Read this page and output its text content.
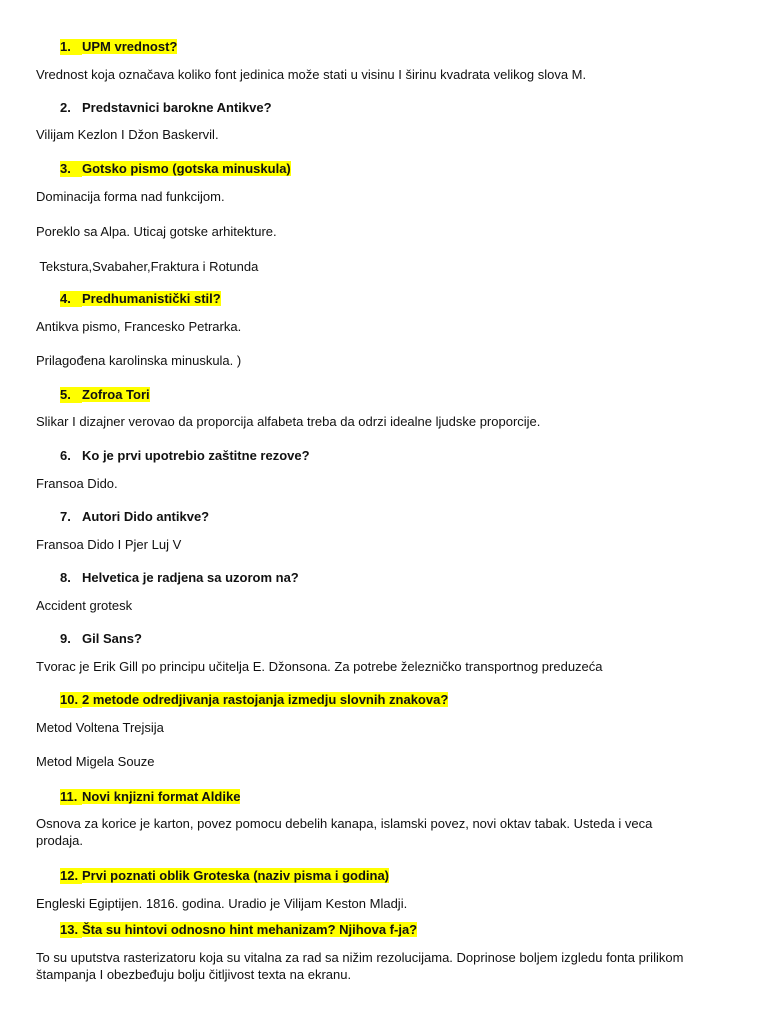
1. UPM vrednost?
Vrednost koja označava koliko font jedinica može stati u visinu I širinu kvadrata velikog slova M.
2. Predstavnici barokne Antikve?
Vilijam Kezlon I Džon Baskervil.
3. Gotsko pismo (gotska minuskula)
Dominacija forma nad funkcijom.
Poreklo sa Alpa. Uticaj gotske arhitekture.
Tekstura,Svabaher,Fraktura i Rotunda
4. Predhumanistički stil?
Antikva pismo, Francesko Petrarka.
Prilagođena karolinska minuskula. )
5. Zofroa Tori
Slikar I dizajner verovao da proporcija alfabeta treba da odrzi idealne ljudske proporcije.
6. Ko je prvi upotrebio zaštitne rezove?
Fransoa Dido.
7. Autori Dido antikve?
Fransoa Dido I Pjer Luj V
8. Helvetica je radjena sa uzorom na?
Accident grotesk
9. Gil Sans?
Tvorac je Erik Gill po principu učitelja E. Džonsona. Za potrebe železničko transportnog preduzeća
10. 2 metode odredjivanja rastojanja izmedju slovnih znakova?
Metod Voltena Trejsija
Metod Migela Souze
11. Novi knjizni format Aldike
Osnova za korice je karton, povez pomocu debelih kanapa, islamski povez, novi oktav tabak. Usteda i veca prodaja.
12. Prvi poznati oblik Groteska (naziv pisma i godina)
Engleski Egiptijen. 1816. godina. Uradio je Vilijam Keston Mladji.
13. Šta su hintovi odnosno hint mehanizam? Njihova f-ja?
To su uputstva rasterizatoru koja su vitalna za rad sa nižim rezolucijama. Doprinose boljem izgledu fonta prilikom štampanja I obezbeđuju bolju čitljivost texta na ekranu.
